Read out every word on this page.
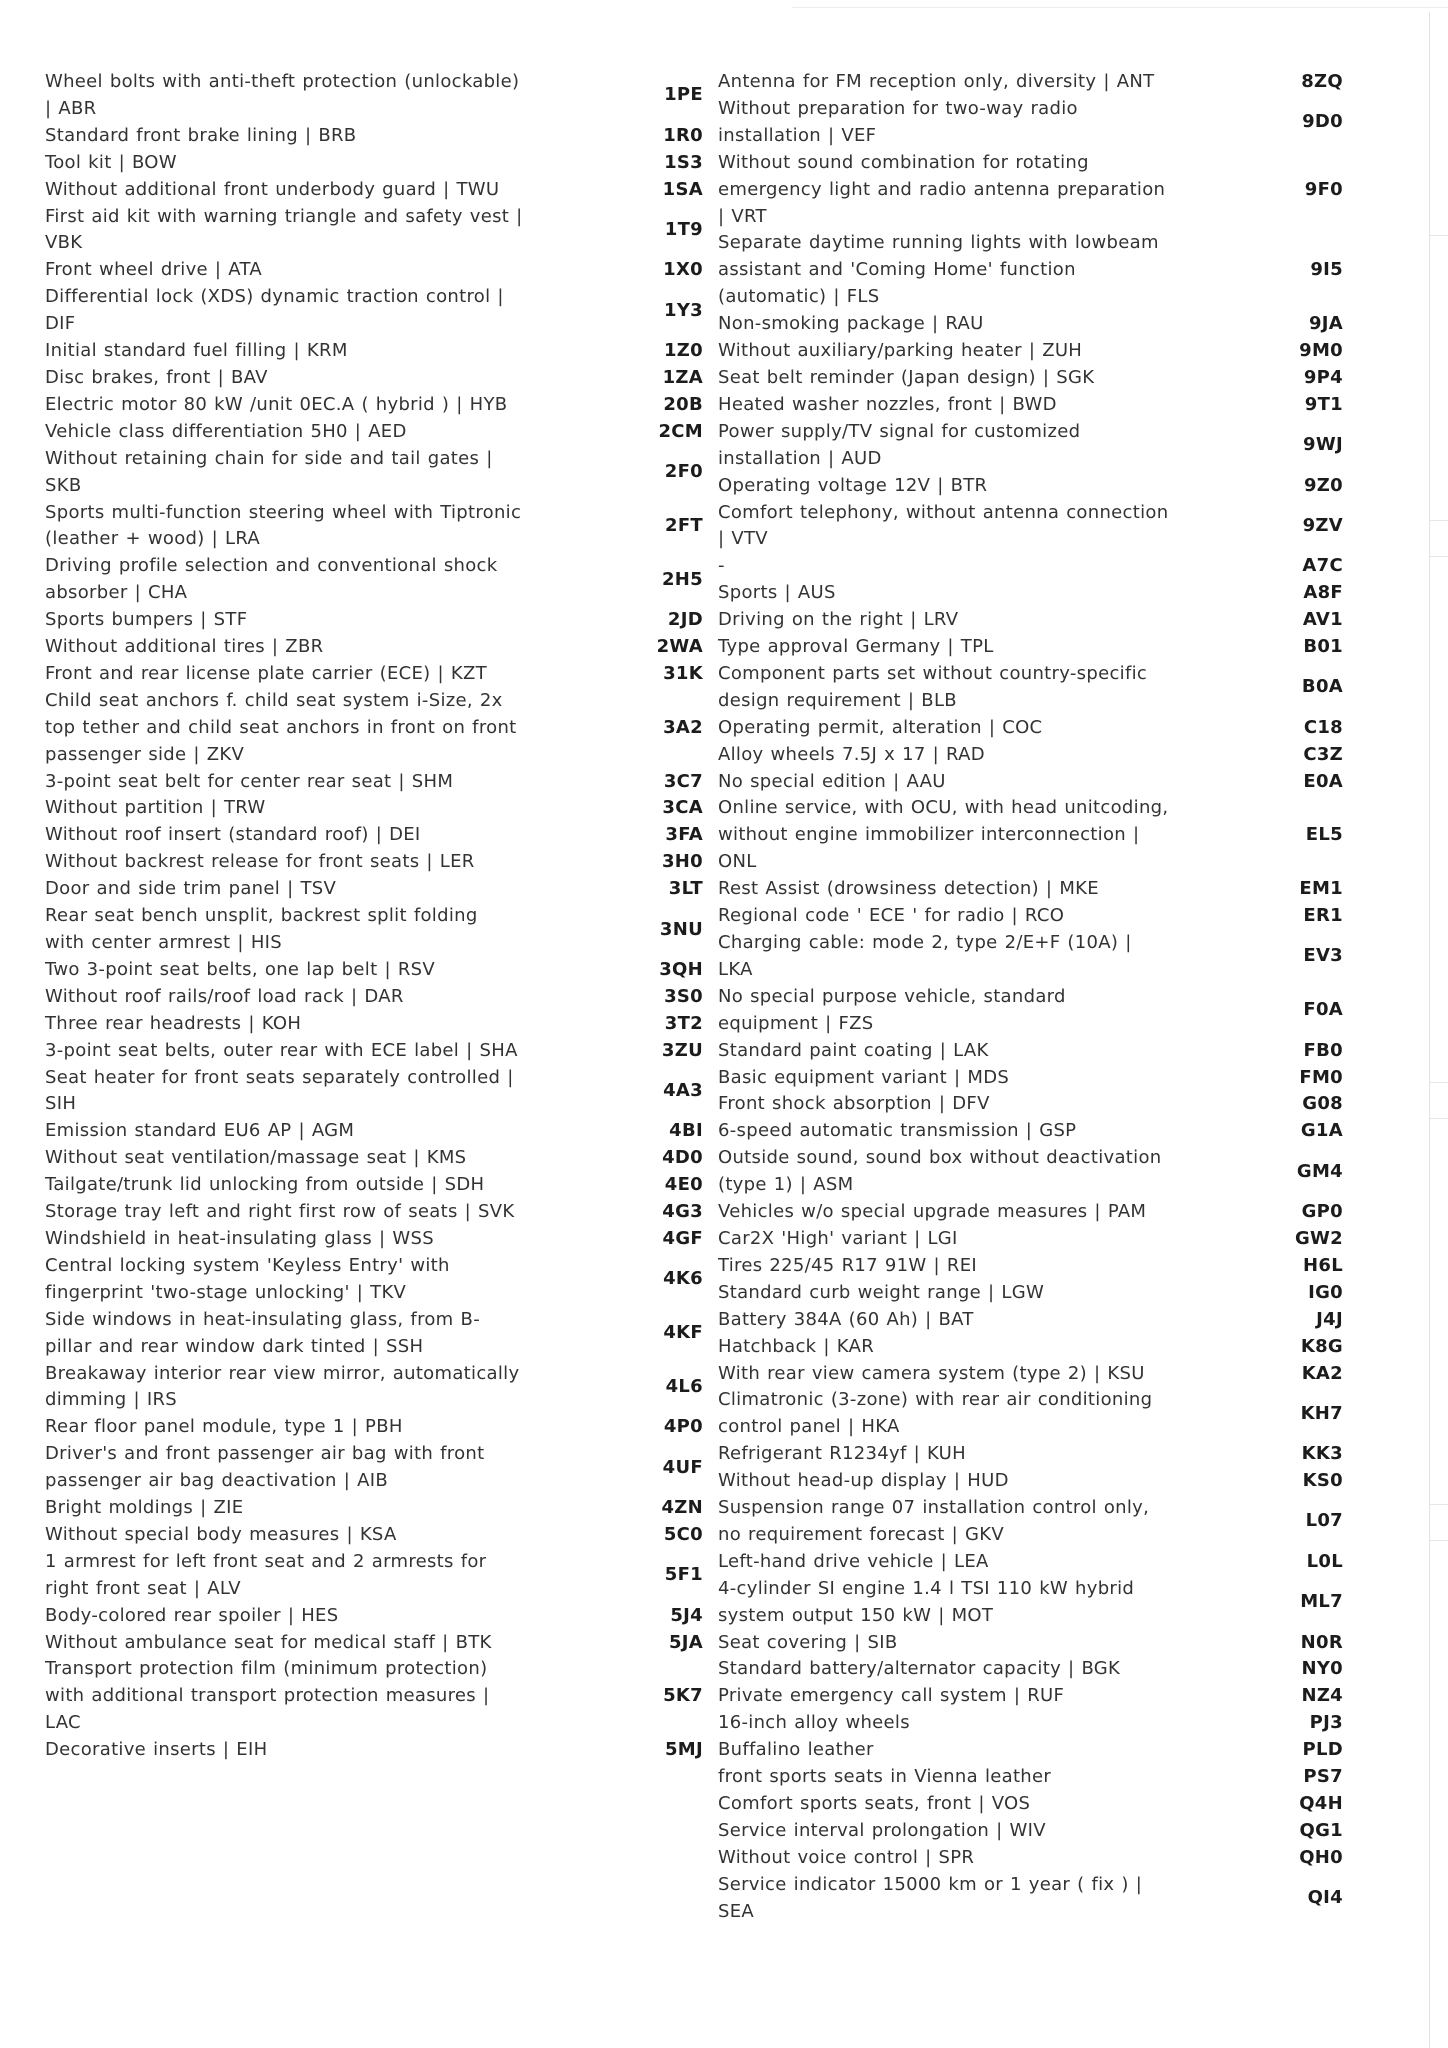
Wheel bolts with anti-theft protection (unlockable) | ABR	1PE
Standard front brake lining | BRB	1R0
Tool kit | BOW	1S3
Without additional front underbody guard | TWU	1SA
First aid kit with warning triangle and safety vest | VBK	1T9
Front wheel drive | ATA	1X0
Differential lock (XDS) dynamic traction control | DIF	1Y3
Initial standard fuel filling | KRM	1Z0
Disc brakes, front | BAV	1ZA
Electric motor 80 kW /unit 0EC.A ( hybrid ) | HYB	20B
Vehicle class differentiation 5H0 | AED	2CM
Without retaining chain for side and tail gates | SKB	2F0
Sports multi-function steering wheel with Tiptronic (leather + wood) | LRA	2FT
Driving profile selection and conventional shock absorber | CHA	2H5
Sports bumpers | STF	2JD
Without additional tires | ZBR	2WA
Front and rear license plate carrier (ECE) | KZT	31K
Child seat anchors f. child seat system i-Size, 2x top tether and child seat anchors in front on front passenger side | ZKV	3A2
3-point seat belt for center rear seat | SHM	3C7
Without partition | TRW	3CA
Without roof insert (standard roof) | DEI	3FA
Without backrest release for front seats | LER	3H0
Door and side trim panel | TSV	3LT
Rear seat bench unsplit, backrest split folding with center armrest | HIS	3NU
Two 3-point seat belts, one lap belt | RSV	3QH
Without roof rails/roof load rack | DAR	3S0
Three rear headrests | KOH	3T2
3-point seat belts, outer rear with ECE label | SHA	3ZU
Seat heater for front seats separately controlled | SIH	4A3
Emission standard EU6 AP | AGM	4BI
Without seat ventilation/massage seat | KMS	4D0
Tailgate/trunk lid unlocking from outside | SDH	4E0
Storage tray left and right first row of seats | SVK	4G3
Windshield in heat-insulating glass | WSS	4GF
Central locking system 'Keyless Entry' with fingerprint 'two-stage unlocking' | TKV	4K6
Side windows in heat-insulating glass, from B-pillar and rear window dark tinted | SSH	4KF
Breakaway interior rear view mirror, automatically dimming | IRS	4L6
Rear floor panel module, type 1 | PBH	4P0
Driver's and front passenger air bag with front passenger air bag deactivation | AIB	4UF
Bright moldings | ZIE	4ZN
Without special body measures | KSA	5C0
1 armrest for left front seat and 2 armrests for right front seat | ALV	5F1
Body-colored rear spoiler | HES	5J4
Without ambulance seat for medical staff | BTK	5JA
Transport protection film (minimum protection) with additional transport protection measures | LAC	5K7
Decorative inserts | EIH	5MJ
Antenna for FM reception only, diversity | ANT	8ZQ
Without preparation for two-way radio installation | VEF	9D0
Without sound combination for rotating emergency light and radio antenna preparation | VRT	9F0
Separate daytime running lights with lowbeam assistant and 'Coming Home' function (automatic) | FLS	9I5
Non-smoking package | RAU	9JA
Without auxiliary/parking heater | ZUH	9M0
Seat belt reminder (Japan design) | SGK	9P4
Heated washer nozzles, front | BWD	9T1
Power supply/TV signal for customized installation | AUD	9WJ
Operating voltage 12V | BTR	9Z0
Comfort telephony, without antenna connection | VTV	9ZV
-	A7C
Sports | AUS	A8F
Driving on the right | LRV	AV1
Type approval Germany | TPL	B01
Component parts set without country-specific design requirement | BLB	B0A
Operating permit, alteration | COC	C18
Alloy wheels 7.5J x 17 | RAD	C3Z
No special edition | AAU	E0A
Online service, with OCU, with head unitcoding, without engine immobilizer interconnection | ONL	EL5
Rest Assist (drowsiness detection) | MKE	EM1
Regional code ' ECE ' for radio | RCO	ER1
Charging cable: mode 2, type 2/E+F (10A) | LKA	EV3
No special purpose vehicle, standard equipment | FZS	F0A
Standard paint coating | LAK	FB0
Basic equipment variant | MDS	FM0
Front shock absorption | DFV	G08
6-speed automatic transmission | GSP	G1A
Outside sound, sound box without deactivation (type 1) | ASM	GM4
Vehicles w/o special upgrade measures | PAM	GP0
Car2X 'High' variant | LGI	GW2
Tires 225/45 R17 91W | REI	H6L
Standard curb weight range | LGW	IG0
Battery 384A (60 Ah) | BAT	J4J
Hatchback | KAR	K8G
With rear view camera system (type 2) | KSU	KA2
Climatronic (3-zone) with rear air conditioning control panel | HKA	KH7
Refrigerant R1234yf | KUH	KK3
Without head-up display | HUD	KS0
Suspension range 07 installation control only, no requirement forecast | GKV	L07
Left-hand drive vehicle | LEA	L0L
4-cylinder SI engine 1.4 l TSI 110 kW hybrid system output 150 kW | MOT	ML7
Seat covering | SIB	N0R
Standard battery/alternator capacity | BGK	NY0
Private emergency call system | RUF	NZ4
16-inch alloy wheels	PJ3
Buffalino leather	PLD
front sports seats in Vienna leather	PS7
Comfort sports seats, front | VOS	Q4H
Service interval prolongation | WIV	QG1
Without voice control | SPR	QH0
Service indicator 15000 km or 1 year ( fix ) | SEA	QI4
